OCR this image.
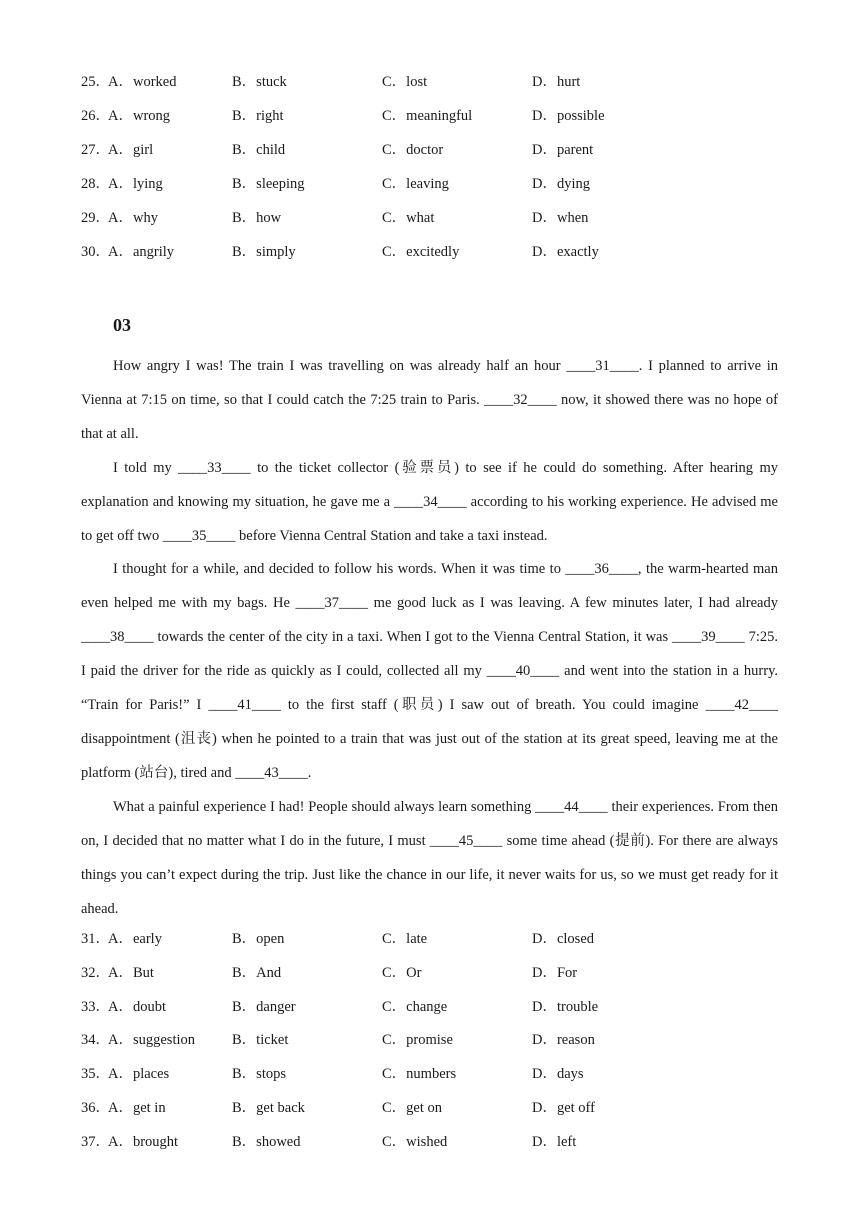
25．
A．worked	B．stuck	C．lost	D．hurt
26．
A．wrong	B．right	C．meaningful	D．possible
27．
A．girl	B．child	C．doctor	D．parent
28．
A．lying	B．sleeping	C．leaving	D．dying
29．
A．why	B．how	C．what	D．when
30．
A．angrily	B．simply	C．excitedly	D．exactly
03

How angry I was! The train I was travelling on was already half an hour ____31____. I planned to arrive in Vienna at 7:15 on time, so that I could catch the 7:25 train to Paris. ____32____ now, it showed there was no hope of that at all.

I told my ____33____ to the ticket collector (验票员) to see if he could do something. After hearing my explanation and knowing my situation, he gave me a ____34____ according to his working experience. He advised me to get off two ____35____ before Vienna Central Station and take a taxi instead.

I thought for a while, and decided to follow his words. When it was time to ____36____, the warm-hearted man even helped me with my bags. He ____37____ me good luck as I was leaving. A few minutes later, I had already ____38____ towards the center of the city in a taxi. When I got to the Vienna Central Station, it was ____39____ 7:25. I paid the driver for the ride as quickly as I could, collected all my ____40____ and went into the station in a hurry. “Train for Paris!” I ____41____ to the first staff (职员) I saw out of breath. You could imagine ____42____ disappointment (沮丧) when he pointed to a train that was just out of the station at its great speed, leaving me at the platform (站台), tired and ____43____.

What a painful experience I had! People should always learn something ____44____ their experiences. From then on, I decided that no matter what I do in the future, I must ____45____ some time ahead (提前). For there are always things you can’t expect during the trip. Just like the chance in our life, it never waits for us, so we must get ready for it ahead.

31．
A．early	B．open	C．late	D．closed
32．
A．But	B．And	C．Or	D．For
33．
A．doubt	B．danger	C．change	D．trouble
34．
A．suggestion	B．ticket	C．promise	D．reason
35．
A．places	B．stops	C．numbers	D．days
36．
A．get in	B．get back	C．get on	D．get off
37．
A．brought	B．showed	C．wished	D．left
